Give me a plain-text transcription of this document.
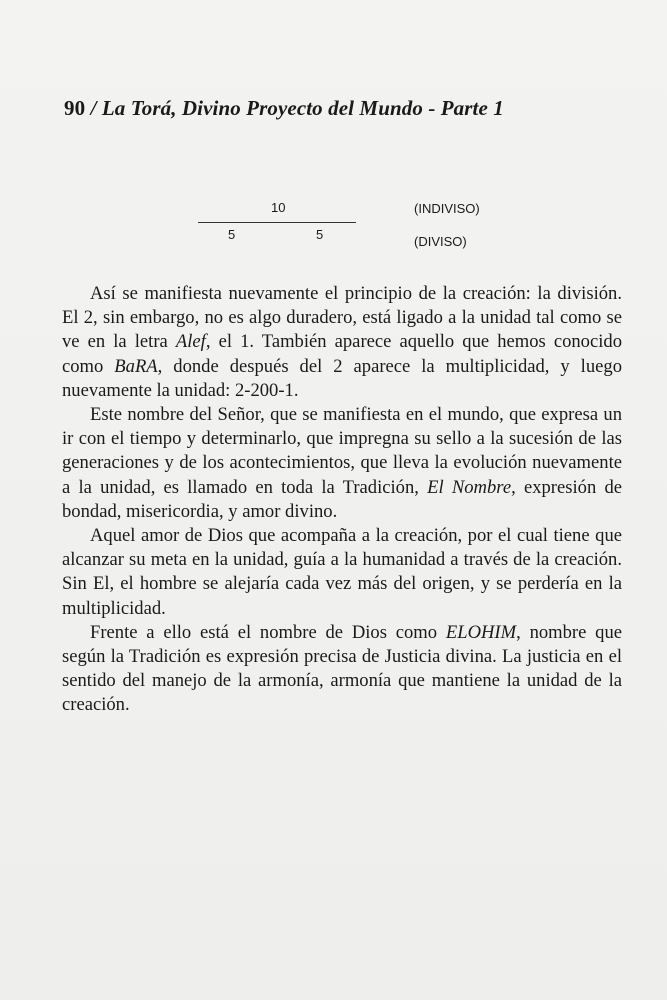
90 / La Torá, Divino Proyecto del Mundo - Parte 1
10	(INDIVISO)
5	5	(DIVISO)

Así se manifiesta nuevamente el principio de la creación: la división. El 2, sin embargo, no es algo duradero, está ligado a la unidad tal como se ve en la letra Alef, el 1. También aparece aquello que hemos conocido como BaRA, donde después del 2 aparece la multiplicidad, y luego nuevamente la unidad: 2-200-1.

Este nombre del Señor, que se manifiesta en el mundo, que expresa un ir con el tiempo y determinarlo, que impregna su sello a la sucesión de las generaciones y de los acontecimientos, que lleva la evolución nuevamente a la unidad, es llamado en toda la Tradición, El Nombre, expresión de bondad, misericordia, y amor divino.

Aquel amor de Dios que acompaña a la creación, por el cual tiene que alcanzar su meta en la unidad, guía a la humanidad a través de la creación. Sin El, el hombre se alejaría cada vez más del origen, y se perdería en la multiplicidad.

Frente a ello está el nombre de Dios como ELOHIM, nombre que según la Tradición es expresión precisa de Justicia divina. La justicia en el sentido del manejo de la armonía, armonía que mantiene la unidad de la creación.
